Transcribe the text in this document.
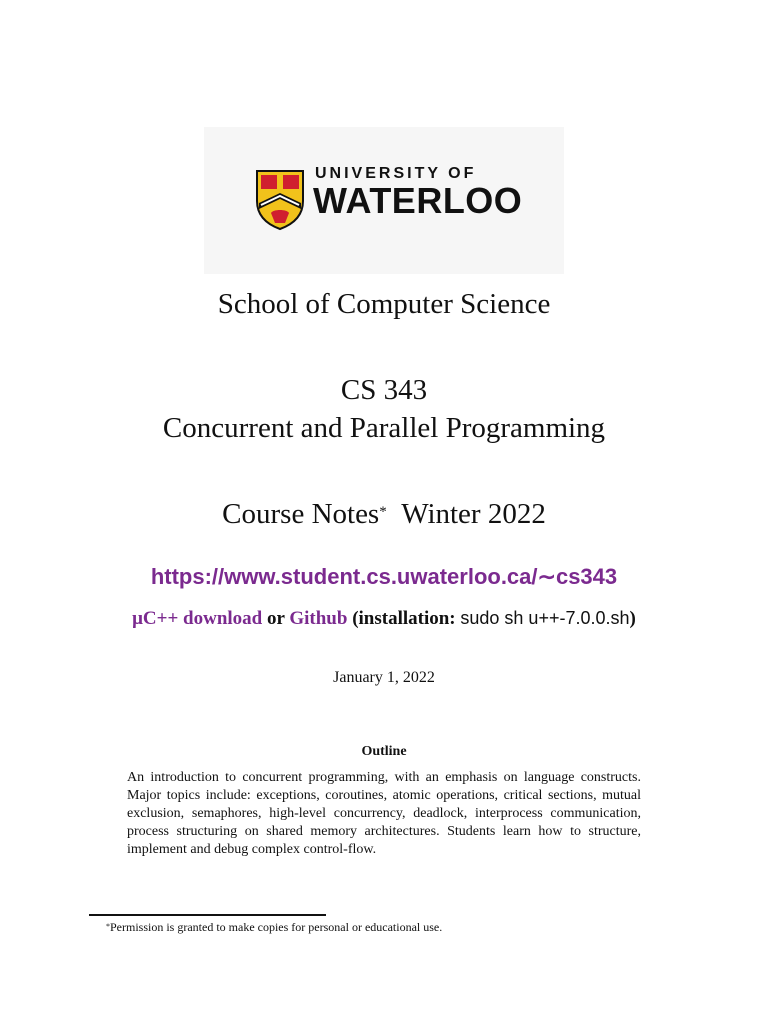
UNIVERSITY OF
WATERLOO
School of Computer Science
CS 343
Concurrent and Parallel Programming
Course Notes* Winter 2022
https://www.student.cs.uwaterloo.ca/∼cs343
μC++ download or Github (installation: sudo sh u++-7.0.0.sh)
January 1, 2022
Outline
An introduction to concurrent programming, with an emphasis on language constructs. Major topics include: exceptions, coroutines, atomic operations, critical sections, mutual exclusion, semaphores, high-level concurrency, deadlock, interprocess communication, process structuring on shared memory architectures. Students learn how to structure, implement and debug complex control-flow.
*Permission is granted to make copies for personal or educational use.
